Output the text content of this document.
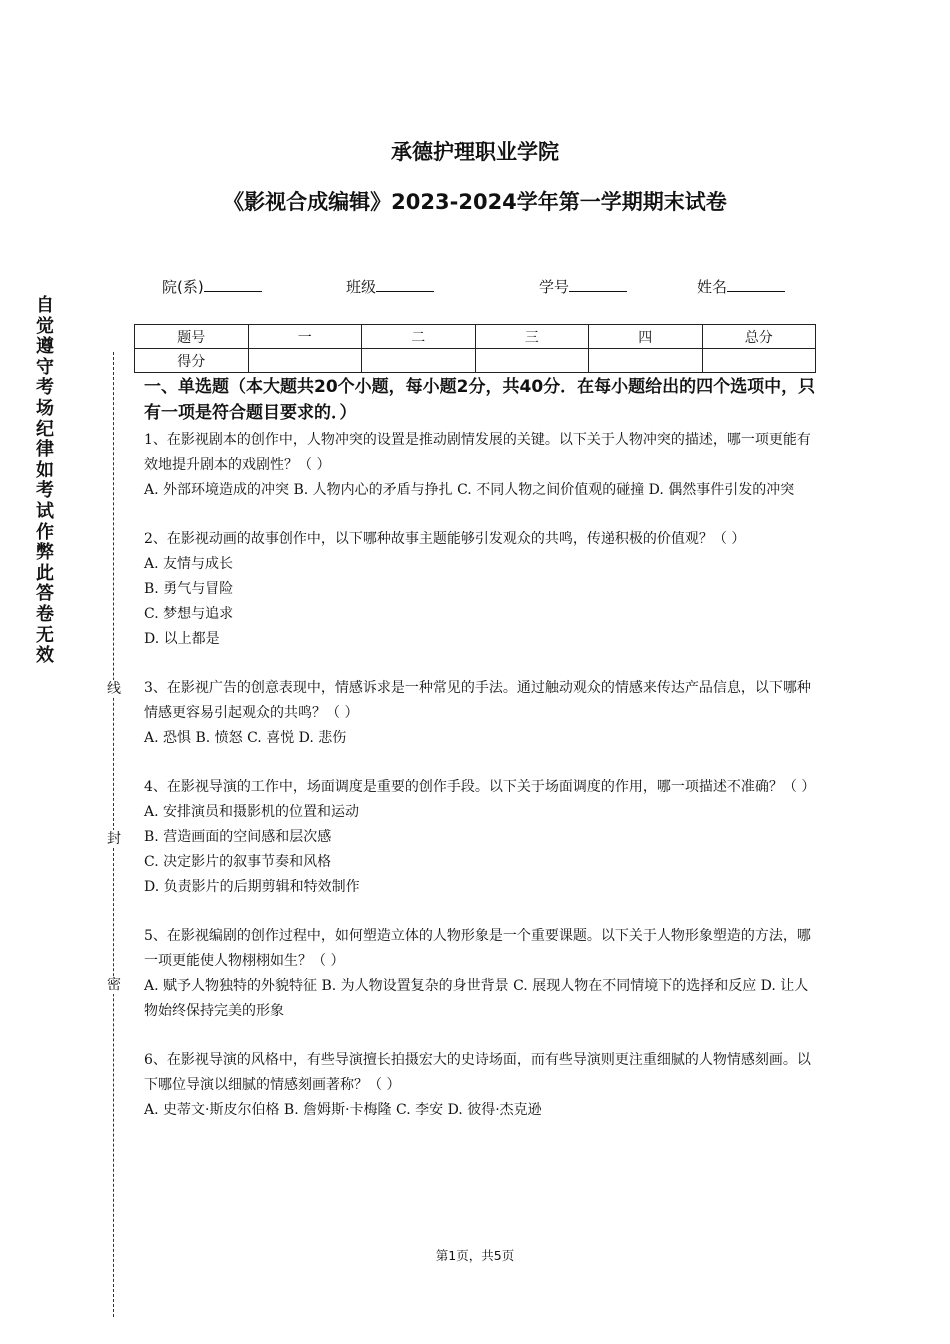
承德护理职业学院
《影视合成编辑》2023-2024学年第一学期期末试卷
院(系)	班级	学号	姓名
题号	一	二	三	四	总分
得分					
自
觉
遵
守
考
场
纪
律
如
考
试
作
弊
此
答
卷
无
效
线
封
密
一、单选题（本大题共20个小题，每小题2分，共40分．在每小题给出的四个选项中，只有一项是符合题目要求的．）

1、在影视剧本的创作中，人物冲突的设置是推动剧情发展的关键。以下关于人物冲突的描述，哪一项更能有效地提升剧本的戏剧性？（ ）

A. 外部环境造成的冲突 B. 人物内心的矛盾与挣扎 C. 不同人物之间价值观的碰撞 D. 偶然事件引发的冲突

2、在影视动画的故事创作中，以下哪种故事主题能够引发观众的共鸣，传递积极的价值观？（ ）

A. 友情与成长

B. 勇气与冒险

C. 梦想与追求

D. 以上都是

3、在影视广告的创意表现中，情感诉求是一种常见的手法。通过触动观众的情感来传达产品信息，以下哪种情感更容易引起观众的共鸣？（ ）

A. 恐惧 B. 愤怒 C. 喜悦 D. 悲伤

4、在影视导演的工作中，场面调度是重要的创作手段。以下关于场面调度的作用，哪一项描述不准确？（ ）

A. 安排演员和摄影机的位置和运动

B. 营造画面的空间感和层次感

C. 决定影片的叙事节奏和风格

D. 负责影片的后期剪辑和特效制作

5、在影视编剧的创作过程中，如何塑造立体的人物形象是一个重要课题。以下关于人物形象塑造的方法，哪一项更能使人物栩栩如生？（ ）

A. 赋予人物独特的外貌特征 B. 为人物设置复杂的身世背景 C. 展现人物在不同情境下的选择和反应 D. 让人物始终保持完美的形象

6、在影视导演的风格中，有些导演擅长拍摄宏大的史诗场面，而有些导演则更注重细腻的人物情感刻画。以下哪位导演以细腻的情感刻画著称？（ ）

A. 史蒂文·斯皮尔伯格 B. 詹姆斯·卡梅隆 C. 李安 D. 彼得·杰克逊

第1页，共5页
